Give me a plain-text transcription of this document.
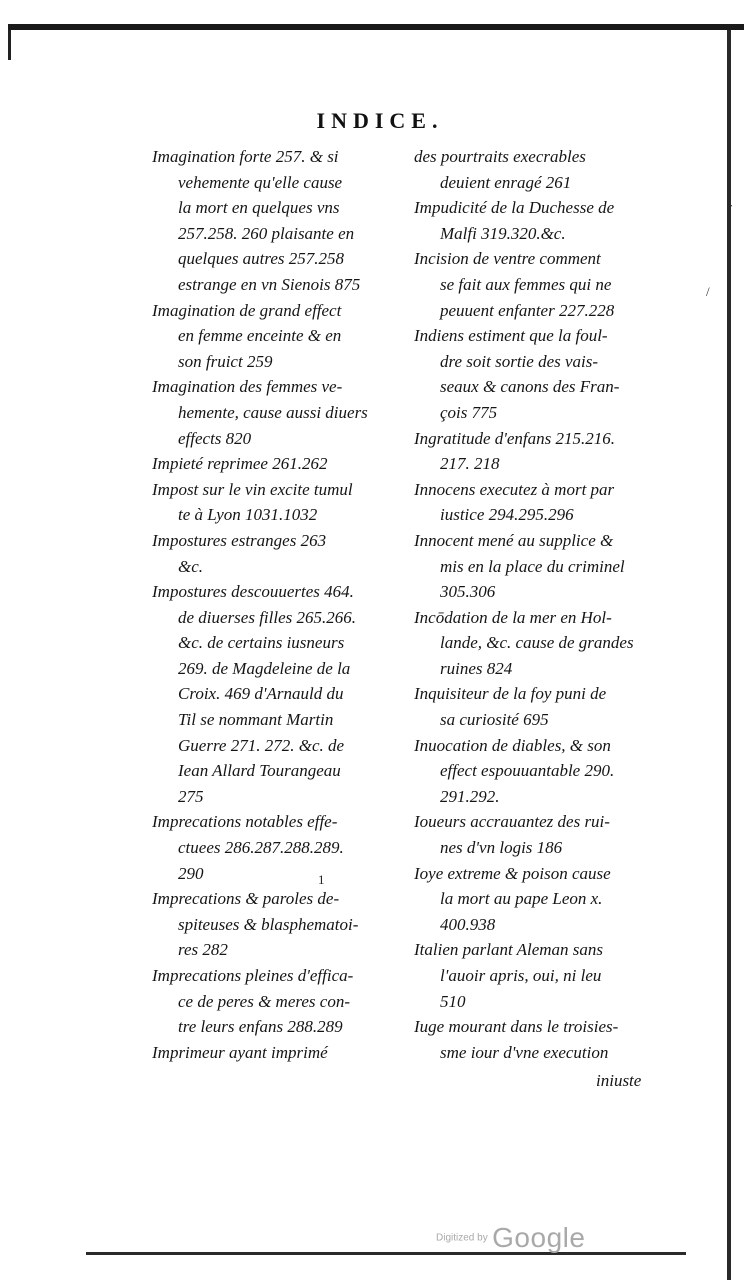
·
/
INDICE.
Imagination forte 257. & si
vehemente qu'elle cause
la mort en quelques vns
257.258. 260 plaisante en
quelques autres 257.258
estrange en vn Sienois 875
Imagination de grand effect
en femme enceinte & en
son fruict 259
Imagination des femmes ve-
hemente, cause aussi diuers
effects 820
Impieté reprimee 261.262
Impost sur le vin excite tumul
te à Lyon 1031.1032
Impostures estranges 263
&c.
Impostures descouuertes 464.
de diuerses filles 265.266.
&c. de certains iusneurs
269. de Magdeleine de la
Croix. 469 d'Arnauld du
Til se nommant Martin
Guerre 271. 272. &c. de
Iean Allard Tourangeau
275
Imprecations notables effe-
ctuees 286.287.288.289.
290
Imprecations & paroles de-
spiteuses & blasphematoi-
res 282
Imprecations pleines d'effica-
ce de peres & meres con-
tre leurs enfans 288.289
Imprimeur ayant imprimé
des pourtraits execrables
deuient enragé 261
Impudicité de la Duchesse de
Malfi 319.320.&c.
Incision de ventre comment
se fait aux femmes qui ne
peuuent enfanter 227.228
Indiens estiment que la foul-
dre soit sortie des vais-
seaux & canons des Fran-
çois 775
Ingratitude d'enfans 215.216.
217. 218
Innocens executez à mort par
iustice 294.295.296
Innocent mené au supplice &
mis en la place du criminel
305.306
Incōdation de la mer en Hol-
lande, &c. cause de grandes
ruines 824
Inquisiteur de la foy puni de
sa curiosité 695
Inuocation de diables, & son
effect espouuantable 290.
291.292.
Ioueurs accrauantez des rui-
nes d'vn logis 186
Ioye extreme & poison cause
la mort au pape Leon x.
400.938
Italien parlant Aleman sans
l'auoir apris, oui, ni leu
510
Iuge mourant dans le troisies-
sme iour d'vne execution
iniuste
1
Digitized by Google
